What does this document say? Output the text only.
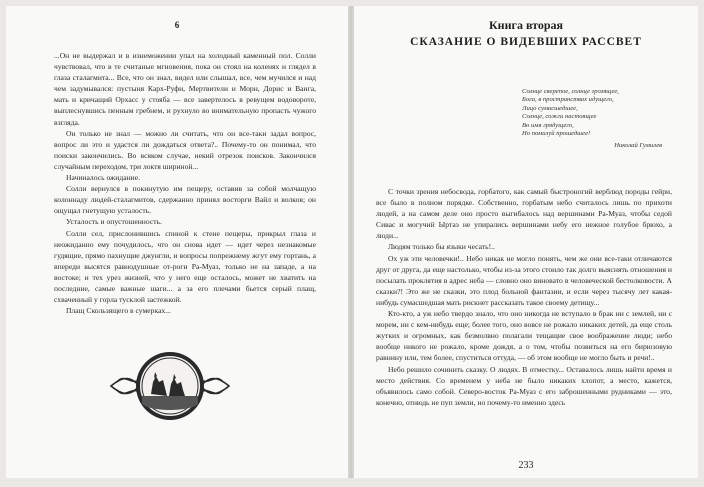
6

...Он не выдержал и в изнеможении упал на холодный каменный пол. Солли чувствовал, что в те считаные мгновения, пока он стоял на коленях и глядел в глаза сталагмита... Все, что он знал, видел или слышал, все, чем мучился и над чем задумывался: пустыня Карх-Руфи, Мертвители и Морн, Дорис и Ванга, мать и кричащий Орхасс у стояба — все завертелось в ревущем водовороте, выплеснувшись пенным гребнем, и рухнуло во внимательную пропасть чужого взгляда.

Он только не знал — можно ли считать, что он все-таки задал вопрос, вопрос ли это и удастся ли дождаться ответа?.. Почему-то он понимал, что поиски закончились. Во всяком случае, некий отрезок поисков. Закончился случайным переходом, три локтя шириной...

Начиналось ожидание.

Солли вернулся в покинутую им пещеру, оставив за собой молчащую колоннаду людей-сталагмитов, сдержанно принял восторги Вайл и волков; он ощущал гнетущую усталость.

Усталость и опустошенность.

Солли сел, прислонившись спиной к стене пещеры, прикрыл глаза и неожиданно ему почудилось, что он снова идет — идет через незнакомые гудящие, прямо пахнущие джунгли, и вопросы попрежнему жгут ему гортань, а впереди высятся равнодушные от-роги Ра-Муаз, только не на западе, а на востоке; и тех урез жизней, что у него еще осталось, может не хватить на последние, самые важные шаги... а за его плечами бьется серый плащ, схваченный у горла тусклой застежкой.

Плащ Скользящего в сумерках...

Книга вторая
СКАЗАНИЕ О ВИДЕВШИХ РАССВЕТ
Солнце сверепое, солнце грозящее,
Бога, в пространствах идущего,
Лицо сумасшедшее,
Солнце, сожги настоящее
Во имя грядущего,
Но помилуй прошедшее!
Николай Гумилев

С точки зрения небосвода, горбатого, как самый быстроногий верблюд породы гейри, все было в полном порядке. Собственно, горбатым небо считалось лишь по прихоти людей, а на самом деле оно просто выгибалось над вершинами Ра-Муаз, чтобы седой Сивас и могучий Ыртаэ не упирались вершинами небу его нежное голубое брюхо, а люди...

Людям только бы языки чесать!..

Ох уж эти человечки!.. Небо никак не могло понять, чем же они все-таки отличаются друг от друга, да еще настолько, чтобы из-за этого стоило так долго выяснять отношения и посылать проклятия в адрес неба — словно оно виновато в человеческой бестолковости. А сказки?! Это же не сказки, это плод больной фантазии, и если через тысячу лет какая-нибудь сумасшедшая мать рискнет рассказать такое своему детищу...

Кто-кто, а уж небо твердо знало, что оно никогда не вступало в брак ни с землей, ни с морем, ни с кем-нибудь еще; более того, оно вовсе не рожало никаких детей, да еще столь жутких и огромных, как безмолвно полагали тещащие свое воображение люди; небо вообще никого не рожало, кроме дождя, а о том, чтобы позвиться на его бирюзовую равнину или, тем более, спуститься оттуда, — об этом вообще не могло быть и речи!..

Небо решило сочинить сказку. О людях. В отместку... Оставалось лишь найти время и место действия. Со временем у неба не было никаких хлопот, а место, кажется, объявилось само собой. Северо-восток Ра-Муаз с его заброшенными рудниками — это, конечно, отнюдь не пуп земли, но почему-то именно здесь

233
